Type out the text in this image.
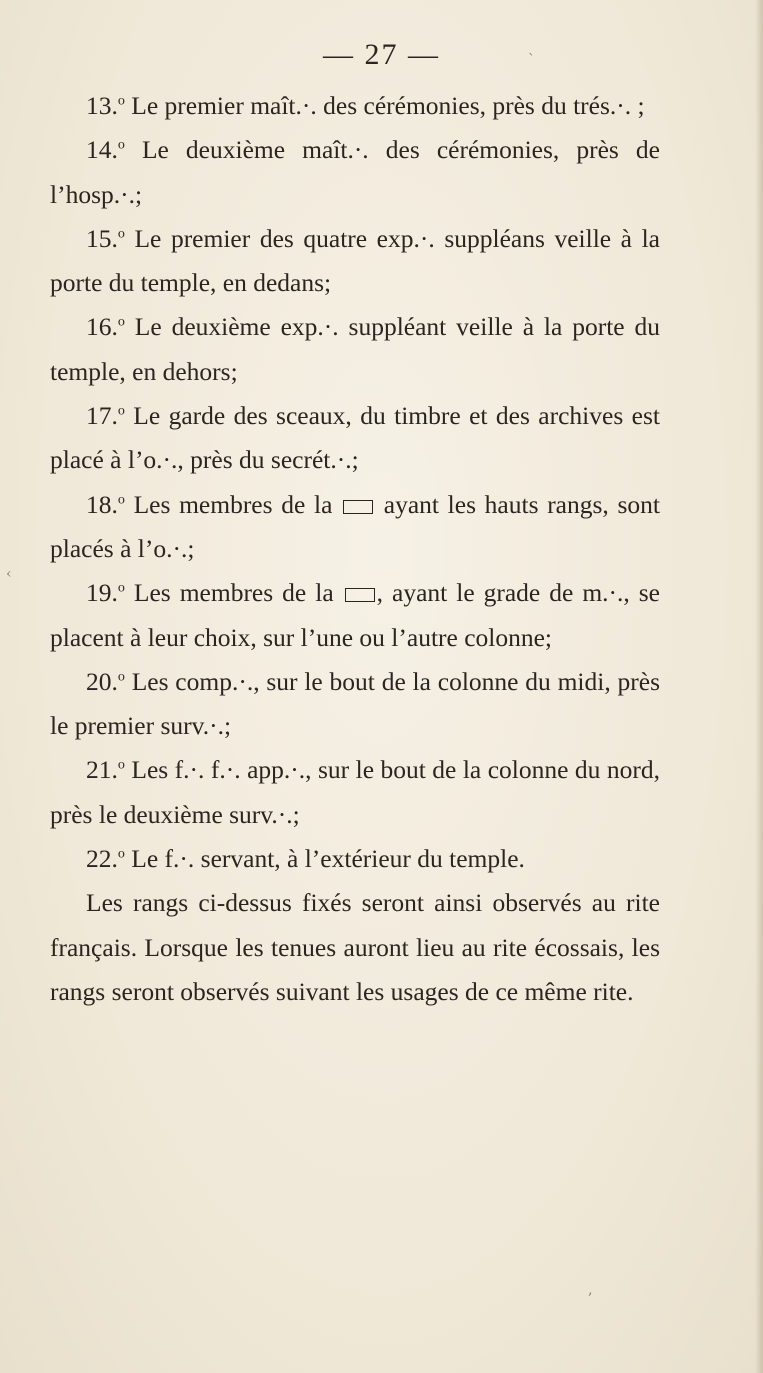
— 27 —

13.$^o$ Le premier maît.·. des cérémonies, près du trés.·. ;

14.$^o$ Le deuxième maît.·. des cérémonies, près de l’hosp.·.;

15.$^o$ Le premier des quatre exp.·. suppléans veille à la porte du temple, en dedans;

16.$^o$ Le deuxième exp.·. suppléant veille à la porte du temple, en dehors;

17.$^o$ Le garde des sceaux, du timbre et des archives est placé à l’o.·., près du secrét.·.;

18.$^o$ Les membres de la  ayant les hauts rangs, sont placés à l’o.·.;

19.$^o$ Les membres de la , ayant le grade de m.·., se placent à leur choix, sur l’une ou l’autre colonne;

20.$^o$ Les comp.·., sur le bout de la colonne du midi, près le premier surv.·.;

21.$^o$ Les f.·. f.·. app.·., sur le bout de la colonne du nord, près le deuxième surv.·.;

22.$^o$ Le f.·. servant, à l’extérieur du temple.

Les rangs ci-dessus fixés seront ainsi observés au rite français. Lorsque les tenues auront lieu au rite écossais, les rangs seront observés suivant les usages de ce même rite.

ˋ
‹
‚
